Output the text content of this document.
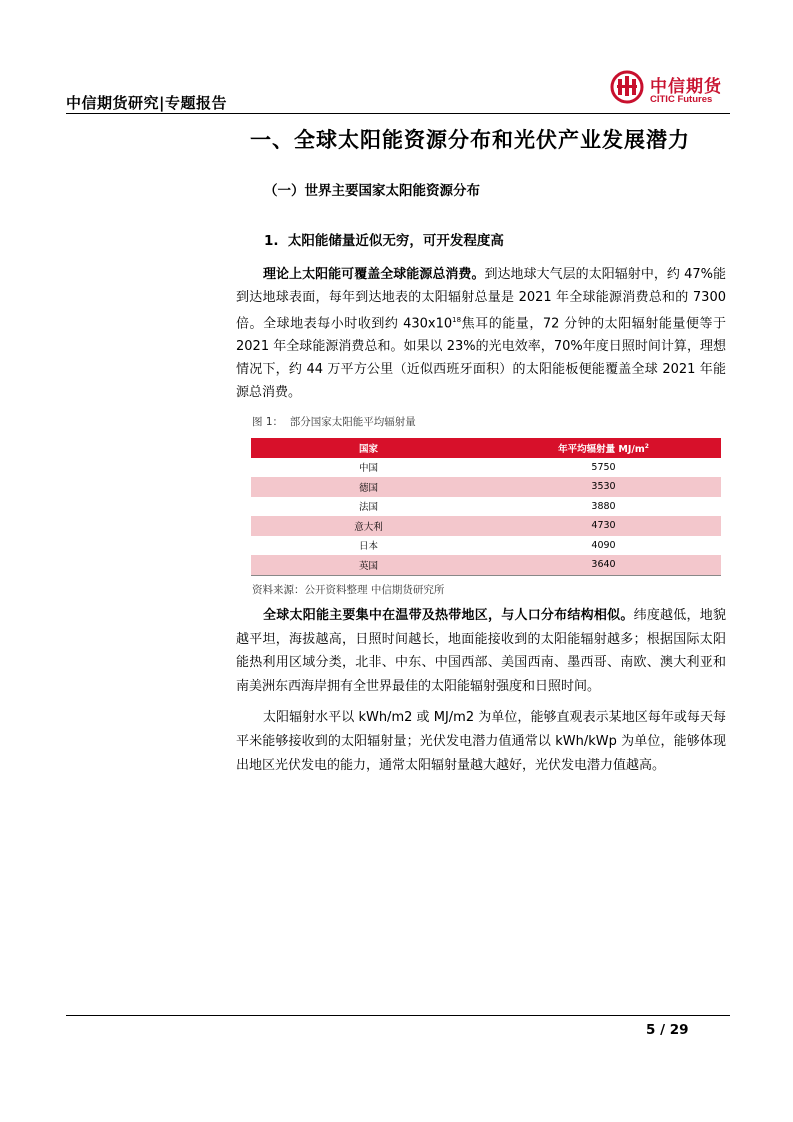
中信期货研究|专题报告
中信期货
CITIC Futures
一、全球太阳能资源分布和光伏产业发展潜力
（一）世界主要国家太阳能资源分布
1.  太阳能储量近似无穷，可开发程度高

理论上太阳能可覆盖全球能源总消费。到达地球大气层的太阳辐射中，约 47%能到达地球表面，每年到达地表的太阳辐射总量是 2021 年全球能源消费总和的 7300 倍。全球地表每小时收到约 $430x10^{18}$焦耳的能量，72 分钟的太阳辐射能量便等于 2021 年全球能源消费总和。如果以 23%的光电效率，70%年度日照时间计算，理想情况下，约 44 万平方公里（近似西班牙面积）的太阳能板便能覆盖全球 2021 年能源总消费。

图 1：  部分国家太阳能平均辐射量
国家	年平均辐射量 $MJ/m^2$
中国	5750
德国	3530
法国	3880
意大利	4730
日本	4090
英国	3640
资料来源：公开资料整理 中信期货研究所

全球太阳能主要集中在温带及热带地区，与人口分布结构相似。纬度越低，地貌越平坦，海拔越高，日照时间越长，地面能接收到的太阳能辐射越多；根据国际太阳能热利用区域分类，北非、中东、中国西部、美国西南、墨西哥、南欧、澳大利亚和南美洲东西海岸拥有全世界最佳的太阳能辐射强度和日照时间。

太阳辐射水平以 kWh/m2 或 MJ/m2 为单位，能够直观表示某地区每年或每天每平米能够接收到的太阳辐射量；光伏发电潜力值通常以 kWh/kWp 为单位，能够体现出地区光伏发电的能力，通常太阳辐射量越大越好，光伏发电潜力值越高。

5 / 29
